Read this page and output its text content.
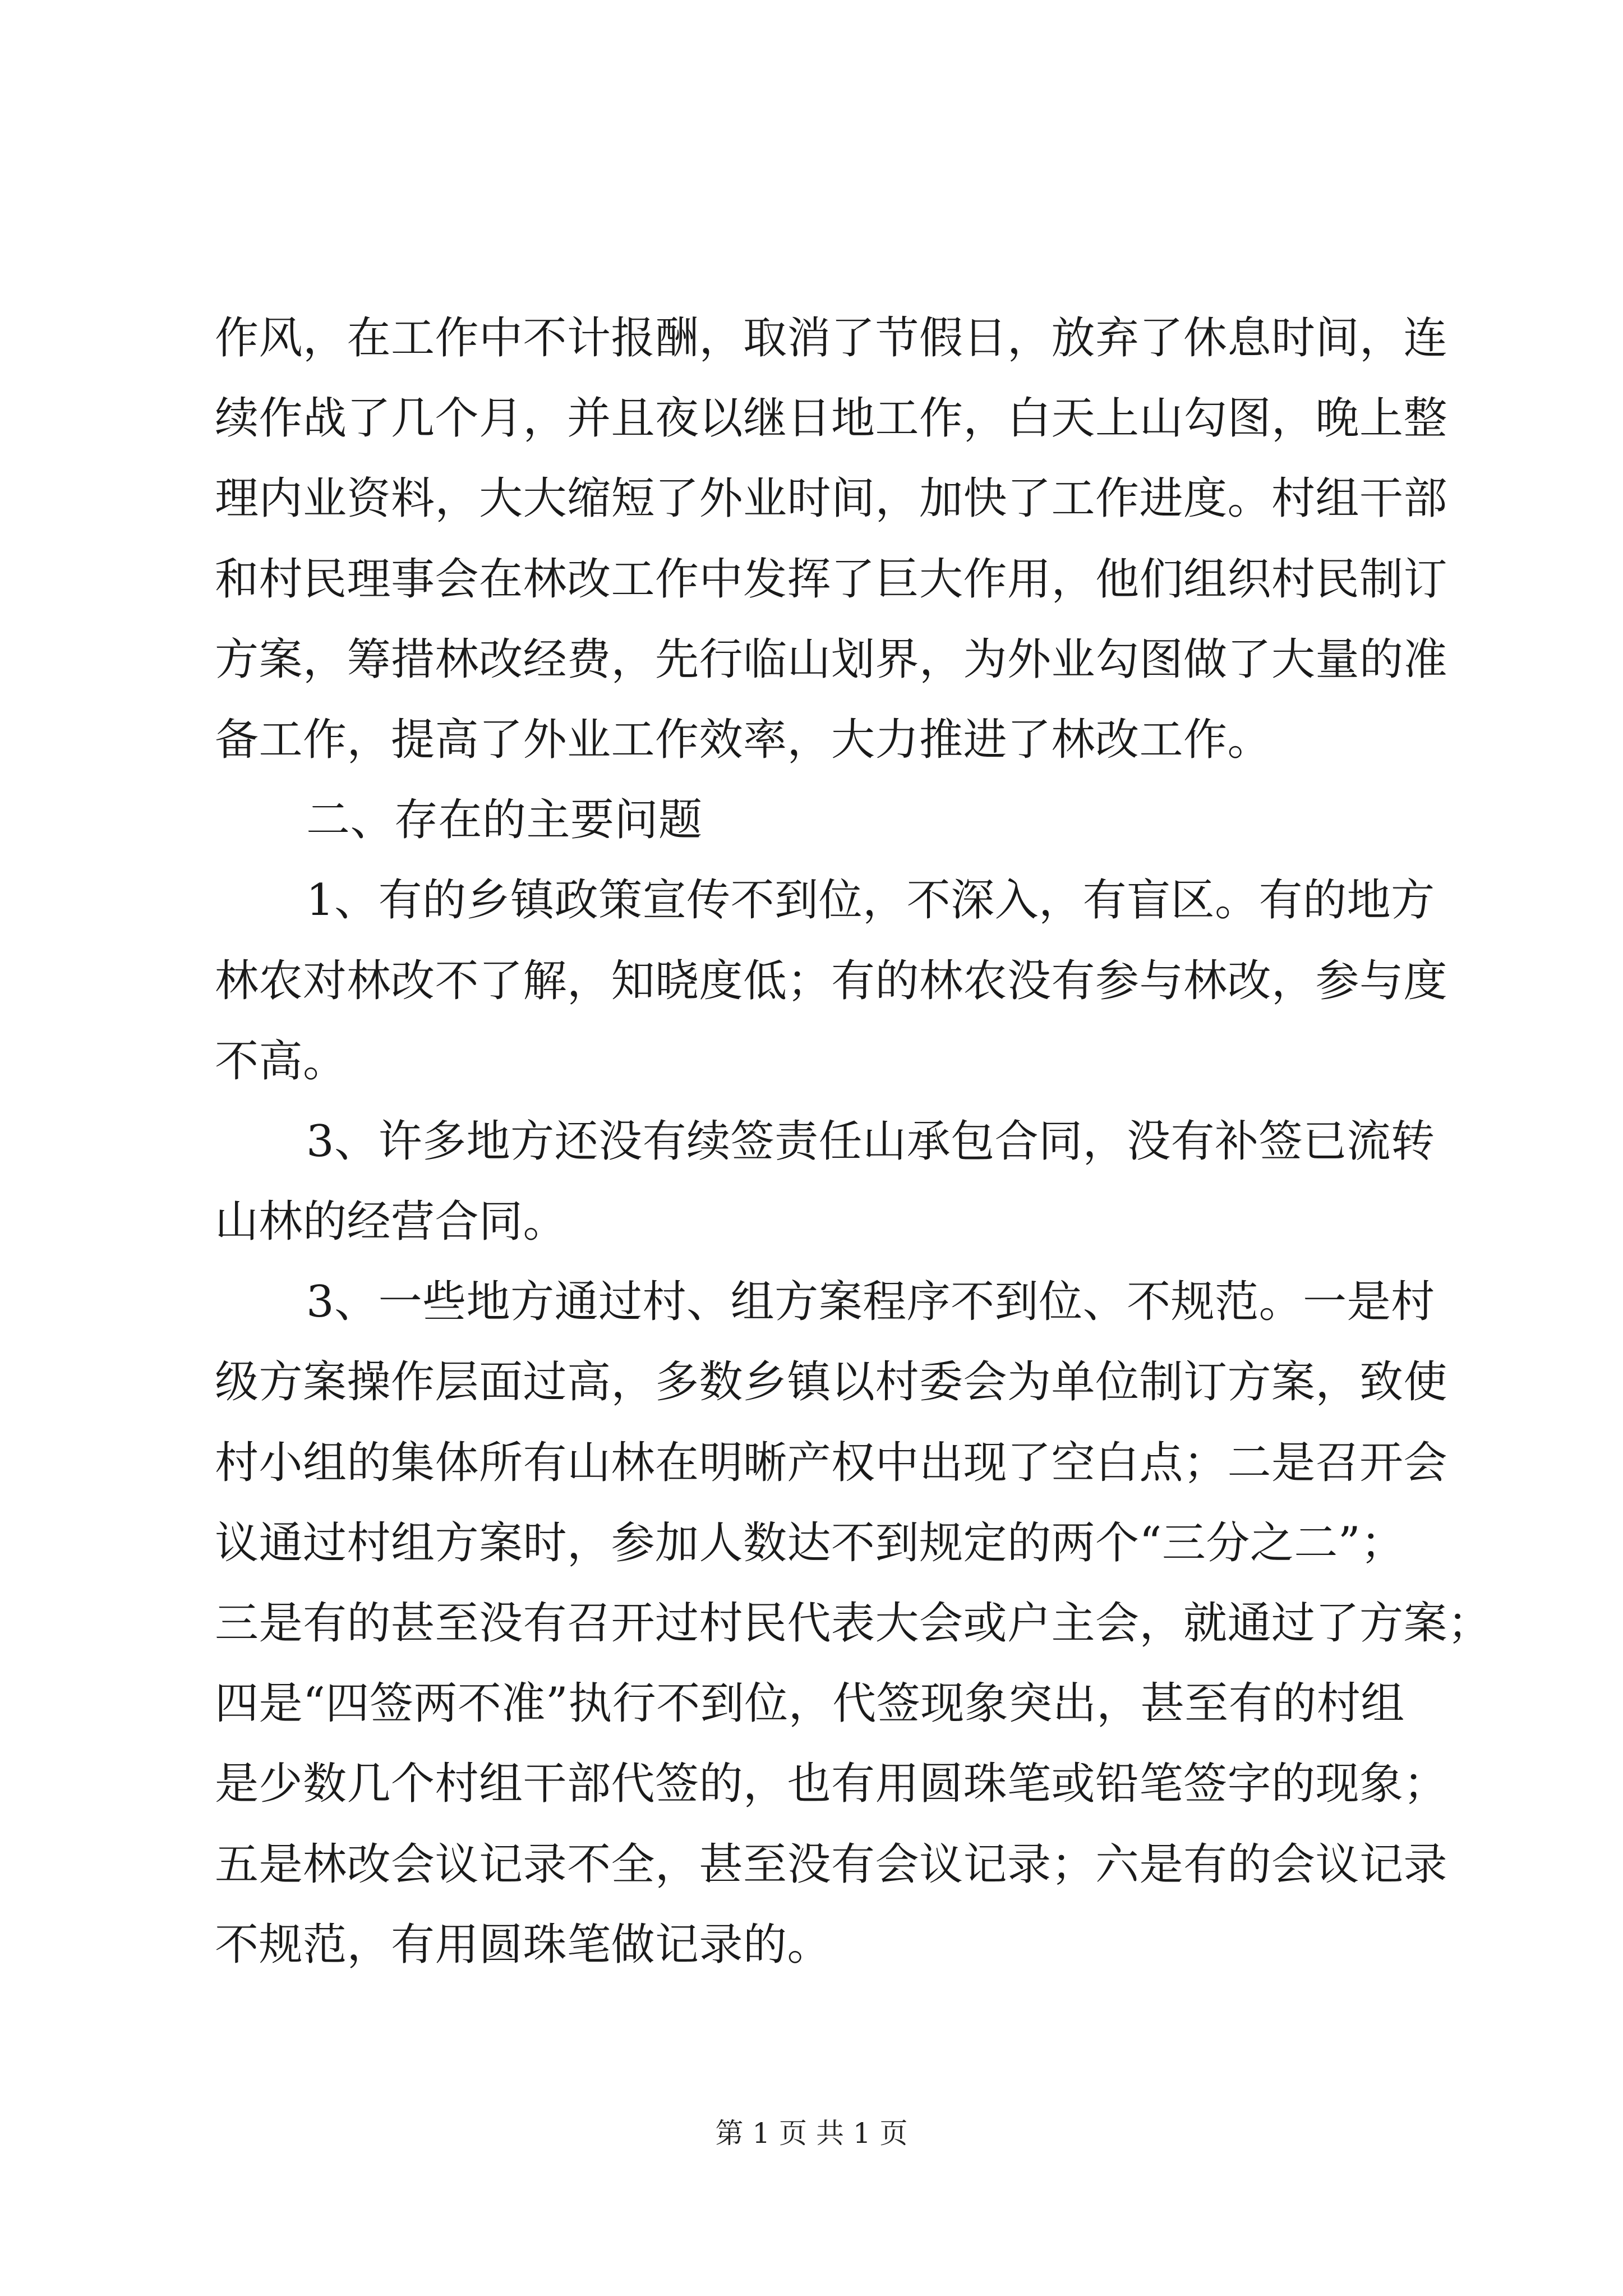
作风，在工作中不计报酬，取消了节假日，放弃了休息时间，连
续作战了几个月，并且夜以继日地工作，白天上山勾图，晚上整
理内业资料，大大缩短了外业时间，加快了工作进度。村组干部
和村民理事会在林改工作中发挥了巨大作用，他们组织村民制订
方案，筹措林改经费，先行临山划界，为外业勾图做了大量的准
备工作，提高了外业工作效率，大力推进了林改工作。
二、存在的主要问题
1、有的乡镇政策宣传不到位，不深入，有盲区。有的地方
林农对林改不了解，知晓度低；有的林农没有参与林改，参与度
不高。
3、许多地方还没有续签责任山承包合同，没有补签已流转
山林的经营合同。
3、一些地方通过村、组方案程序不到位、不规范。一是村
级方案操作层面过高，多数乡镇以村委会为单位制订方案，致使
村小组的集体所有山林在明晰产权中出现了空白点；二是召开会
议通过村组方案时，参加人数达不到规定的两个“三分之二”；
三是有的甚至没有召开过村民代表大会或户主会，就通过了方案；
四是“四签两不准”执行不到位，代签现象突出，甚至有的村组
是少数几个村组干部代签的，也有用圆珠笔或铅笔签字的现象；
五是林改会议记录不全，甚至没有会议记录；六是有的会议记录
不规范，有用圆珠笔做记录的。
第 1 页 共 1 页
